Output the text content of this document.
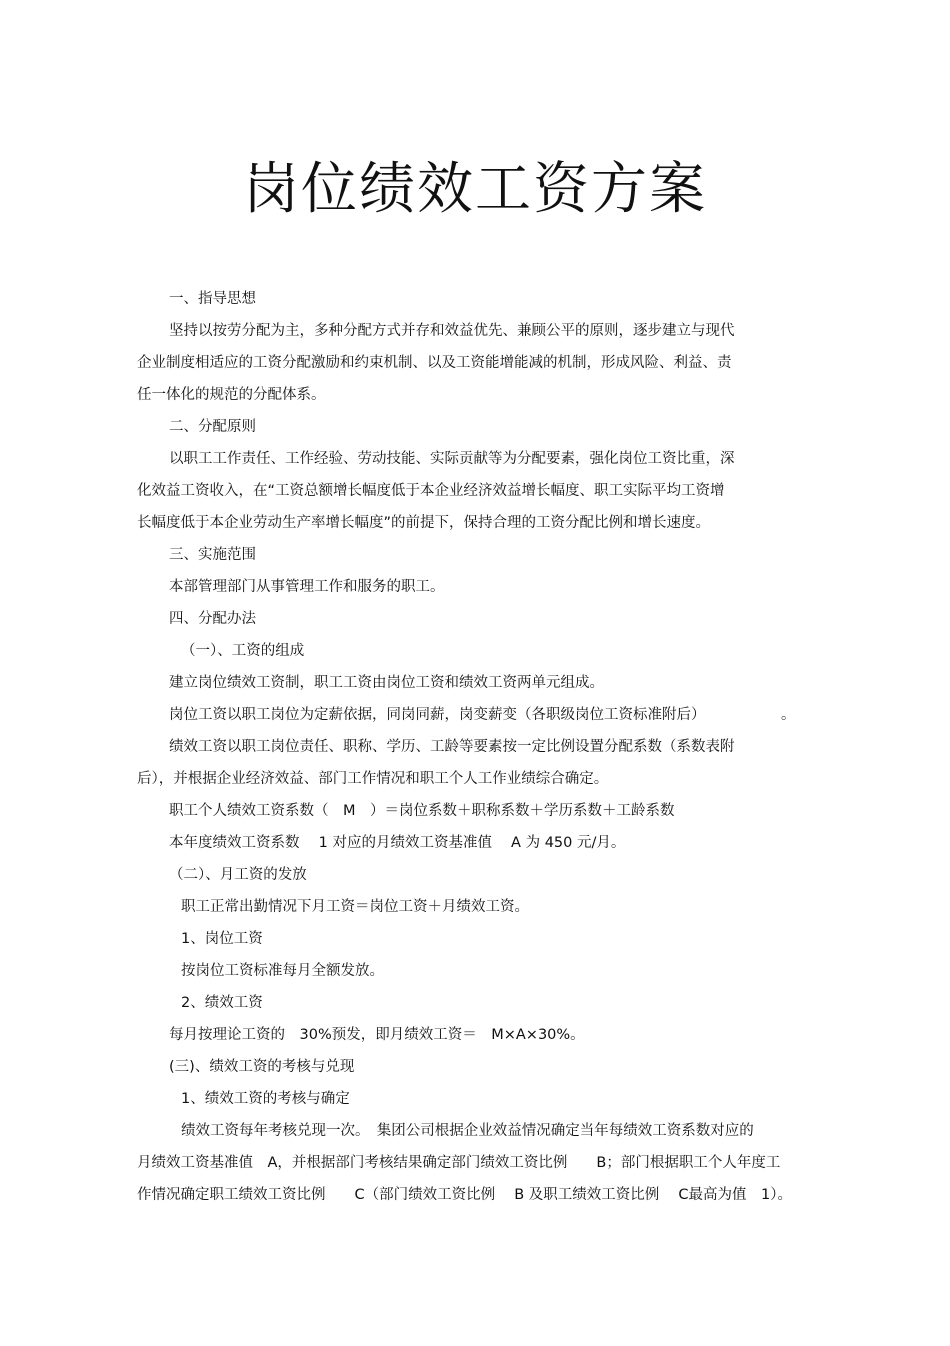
岗位绩效工资方案
一、指导思想
坚持以按劳分配为主，多种分配方式并存和效益优先、兼顾公平的原则，逐步建立与现代
企业制度相适应的工资分配激励和约束机制、以及工资能增能减的机制，形成风险、利益、责
任一体化的规范的分配体系。
二、分配原则
以职工工作责任、工作经验、劳动技能、实际贡献等为分配要素，强化岗位工资比重，深
化效益工资收入，在“工资总额增长幅度低于本企业经济效益增长幅度、职工实际平均工资增
长幅度低于本企业劳动生产率增长幅度”的前提下，保持合理的工资分配比例和增长速度。
三、实施范围
本部管理部门从事管理工作和服务的职工。
四、分配办法
（一）、工资的组成
建立岗位绩效工资制，职工工资由岗位工资和绩效工资两单元组成。
岗位工资以职工岗位为定薪依据，同岗同薪，岗变薪变（各职级岗位工资标准附后）	。
绩效工资以职工岗位责任、职称、学历、工龄等要素按一定比例设置分配系数（系数表附
后），并根据企业经济效益、部门工作情况和职工个人工作业绩综合确定。
职工个人绩效工资系数（　M　）＝岗位系数＋职称系数＋学历系数＋工龄系数
本年度绩效工资系数　 1 对应的月绩效工资基准值　 A 为 450 元/月。
（二）、月工资的发放
职工正常出勤情况下月工资＝岗位工资＋月绩效工资。
1、岗位工资
按岗位工资标准每月全额发放。
2、绩效工资
每月按理论工资的　30%预发，即月绩效工资＝　M×A×30%。
(三)、绩效工资的考核与兑现
1、绩效工资的考核与确定
绩效工资每年考核兑现一次。　集团公司根据企业效益情况确定当年每绩效工资系数对应的
月绩效工资基准值　A，并根据部门考核结果确定部门绩效工资比例　　B；部门根据职工个人年度工
作情况确定职工绩效工资比例　　C（部门绩效工资比例　 B 及职工绩效工资比例　 C最高为值　1）。
